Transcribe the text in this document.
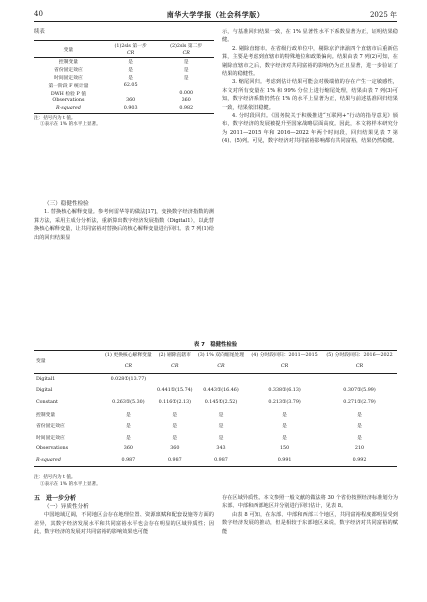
40	南华大学学报（社会科学版）	2025 年

续表

变量	(1)2sls 第一步	(2)2sls 第二步
	CR	CR
控制变量	是	是
省份固定效应	是	是
时间固定效应	是	是
第一阶段 F 统计量	62.05	
DWH 检验 P 值		0.000
Observations	360	360
R-squared	0.903	0.982

注：括号内为 t 值。

①表示在 1% 的水平上显著。

（三）稳健性检验

1. 替换核心解释变量。参考何雷华等的做法[17]，变换数字经济指数的测算方法，采用主成分分析法，重新算出数字经济发展指数（Digital1），以此替换核心解释变量，让共同富裕对替换后的核心解释变量进行回归。表 7 列(1)给出的回归结果显

示，与基准回归结果一致，在 1% 显著性水平下系数显著为正，证明结果稳健。

2. 剔除直辖市。在省级行政单位中，剔除京沪津渝四个直辖市后重新估算，主要是考虑到直辖市的特殊地位和政策偏向。结果由表 7 列(2)可知，在剔除直辖市之后，数字经济对共同富裕的影响仍为正且显著，进一步验证了结果的稳健性。

3. 缩尾回归。考虑到估计结果可能会对极端值的存在产生一定敏感性，本文对所有变量在 1% 和 99% 分位上进行缩尾处理，结果由表 7 列(3)可知，数字经济系数仍然在 1% 的水平上显著为正，结果与前述基准回归结果一致，结果依旧稳健。

4. 分时段回归。《国务院关于积极推进“互联网+”行动的指导意见》颁布，数字经济的发展被提升至国家战略层面高度。因此，本文将样本研究分为 2011—2015 年和 2016—2022 年两个时间段，回归结果见表 7 第(4)、(5)列。可见，数字经济对共同富裕影响都有共同富裕，结果仍然稳健。

表 7　稳健性检验
变量	(1) 更换核心解释变量	(2) 剔除直辖市	(3) 1% 双向缩尾处理	(4) 分时段回归：2011—2015	(5) 分时段回归：2016—2022
	CR	CR	CR	CR	CR
Digital1	0.028①(13.77)				
Digital		0.441①(15.74)	0.443①(16.46)	0.338①(6.13)	0.307①(5.99)
Constant	0.263①(5.30)	0.116①(2.13)	0.145①(2.52)	0.213①(3.79)	0.271①(2.79)
控制变量	是	是	是	是	是
省份固定效应	是	是	是	是	是
时间固定效应	是	是	是	是	是
Observations	360	360	343	150	210
R-squared	0.987	0.987	0.987	0.991	0.992

注：括号内为 t 值。

①表示在 1% 的水平上显著。

五　进一步分析

（一）异质性分析

中国地域辽阔，不同地区会存在地理位置、资源禀赋和配套设施等方面的差异，其数字经济发展水平和共同富裕水平也会存在明显的区域异质性；因此，数字经济的发展对共同富裕的影响效果也可能

存在区域异质性。本文参照一般文献的做法将 30 个省份按照经济标准划分为东部、中部和西部地区并分别进行回归估计，见表 8。

由表 8 可知，在东部、中部和西部三个地区，共同富裕程度都明显受到数字经济发展的推动，但是相较于东部地区来说，数字经济对共同富裕的赋能
